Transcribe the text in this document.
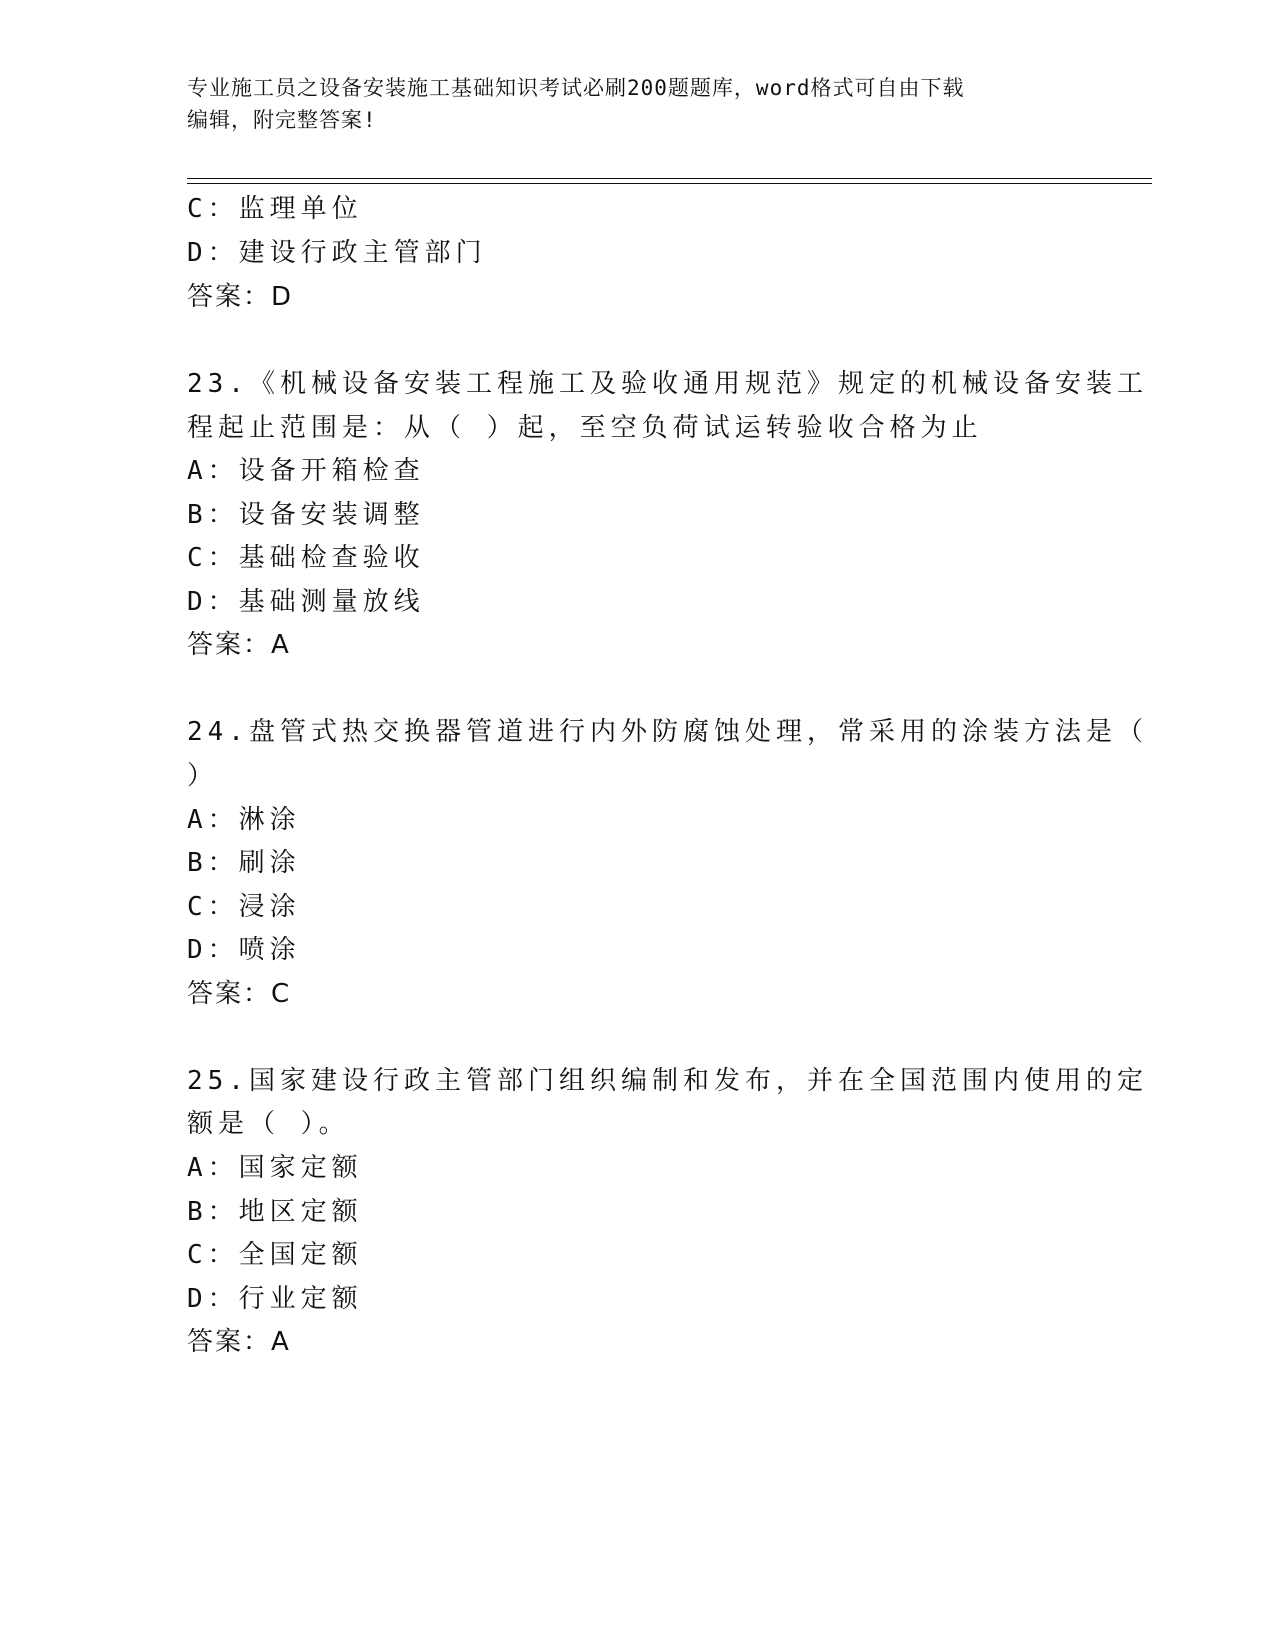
专业施工员之设备安装施工基础知识考试必刷200题题库，word格式可自由下载
编辑，附完整答案!
C：监理单位
D：建设行政主管部门
答案：D
23.《机械设备安装工程施工及验收通用规范》规定的机械设备安装工
程起止范围是：从（ ）起，至空负荷试运转验收合格为止
A：设备开箱检查
B：设备安装调整
C：基础检查验收
D：基础测量放线
答案：A
24.盘管式热交换器管道进行内外防腐蚀处理，常采用的涂装方法是（
）
A：淋涂
B：刷涂
C：浸涂
D：喷涂
答案：C
25.国家建设行政主管部门组织编制和发布，并在全国范围内使用的定
额是（ ）。
A：国家定额
B：地区定额
C：全国定额
D：行业定额
答案：A
